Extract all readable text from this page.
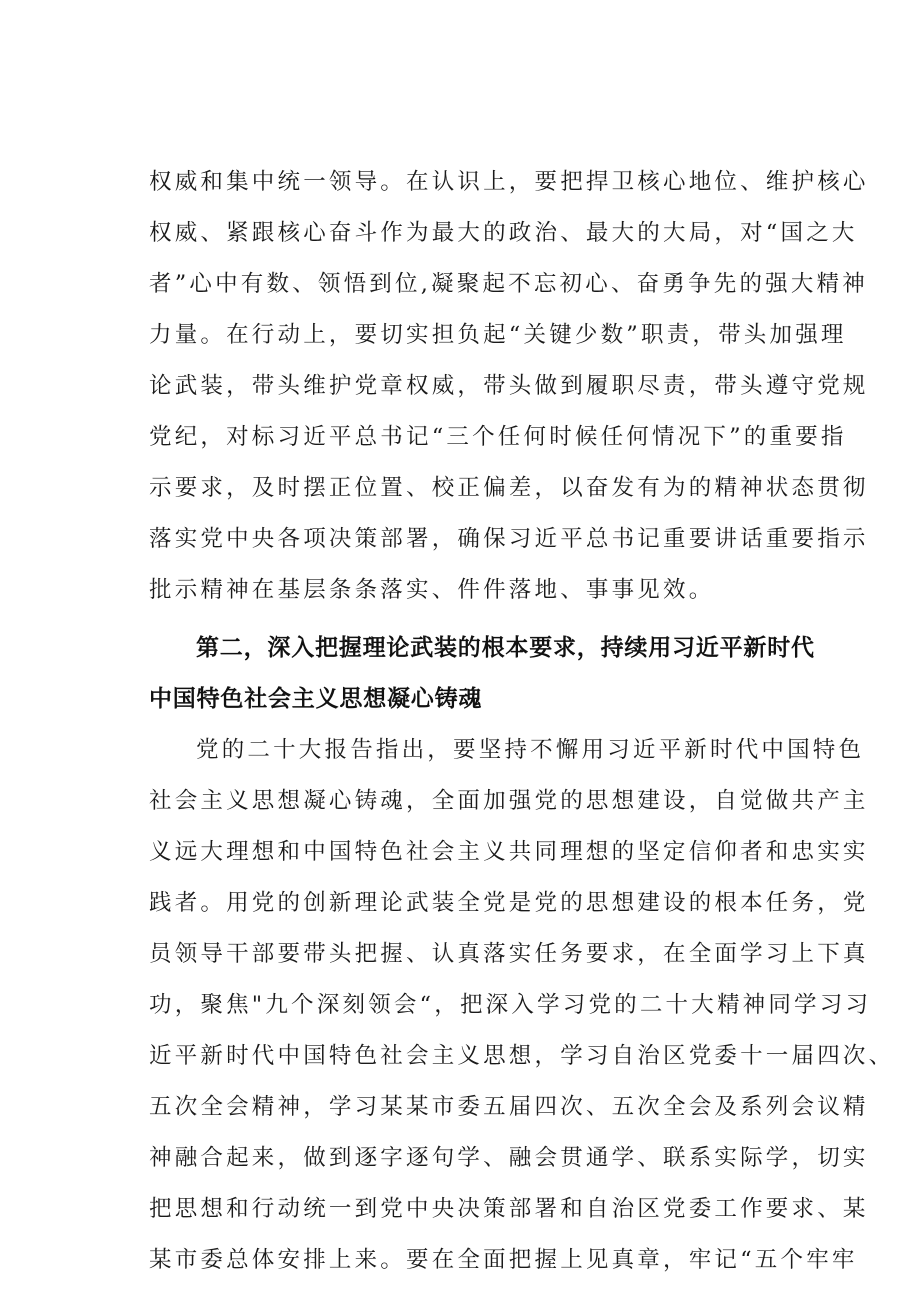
权威和集中统一领导。在认识上，要把捍卫核心地位、维护核心
权威、紧跟核心奋斗作为最大的政治、最大的大局，对“国之大
者”心中有数、领悟到位,凝聚起不忘初心、奋勇争先的强大精神
力量。在行动上，要切实担负起“关键少数”职责，带头加强理
论武装，带头维护党章权威，带头做到履职尽责，带头遵守党规
党纪，对标习近平总书记“三个任何时候任何情况下”的重要指
示要求，及时摆正位置、校正偏差，以奋发有为的精神状态贯彻
落实党中央各项决策部署，确保习近平总书记重要讲话重要指示
批示精神在基层条条落实、件件落地、事事见效。
第二，深入把握理论武装的根本要求，持续用习近平新时代
中国特色社会主义思想凝心铸魂
党的二十大报告指出，要坚持不懈用习近平新时代中国特色
社会主义思想凝心铸魂，全面加强党的思想建设，自觉做共产主
义远大理想和中国特色社会主义共同理想的坚定信仰者和忠实实
践者。用党的创新理论武装全党是党的思想建设的根本任务，党
员领导干部要带头把握、认真落实任务要求，在全面学习上下真
功，聚焦"九个深刻领会“，把深入学习党的二十大精神同学习习
近平新时代中国特色社会主义思想，学习自治区党委十一届四次、
五次全会精神，学习某某市委五届四次、五次全会及系列会议精
神融合起来，做到逐字逐句学、融会贯通学、联系实际学，切实
把思想和行动统一到党中央决策部署和自治区党委工作要求、某
某市委总体安排上来。要在全面把握上见真章，牢记“五个牢牢
